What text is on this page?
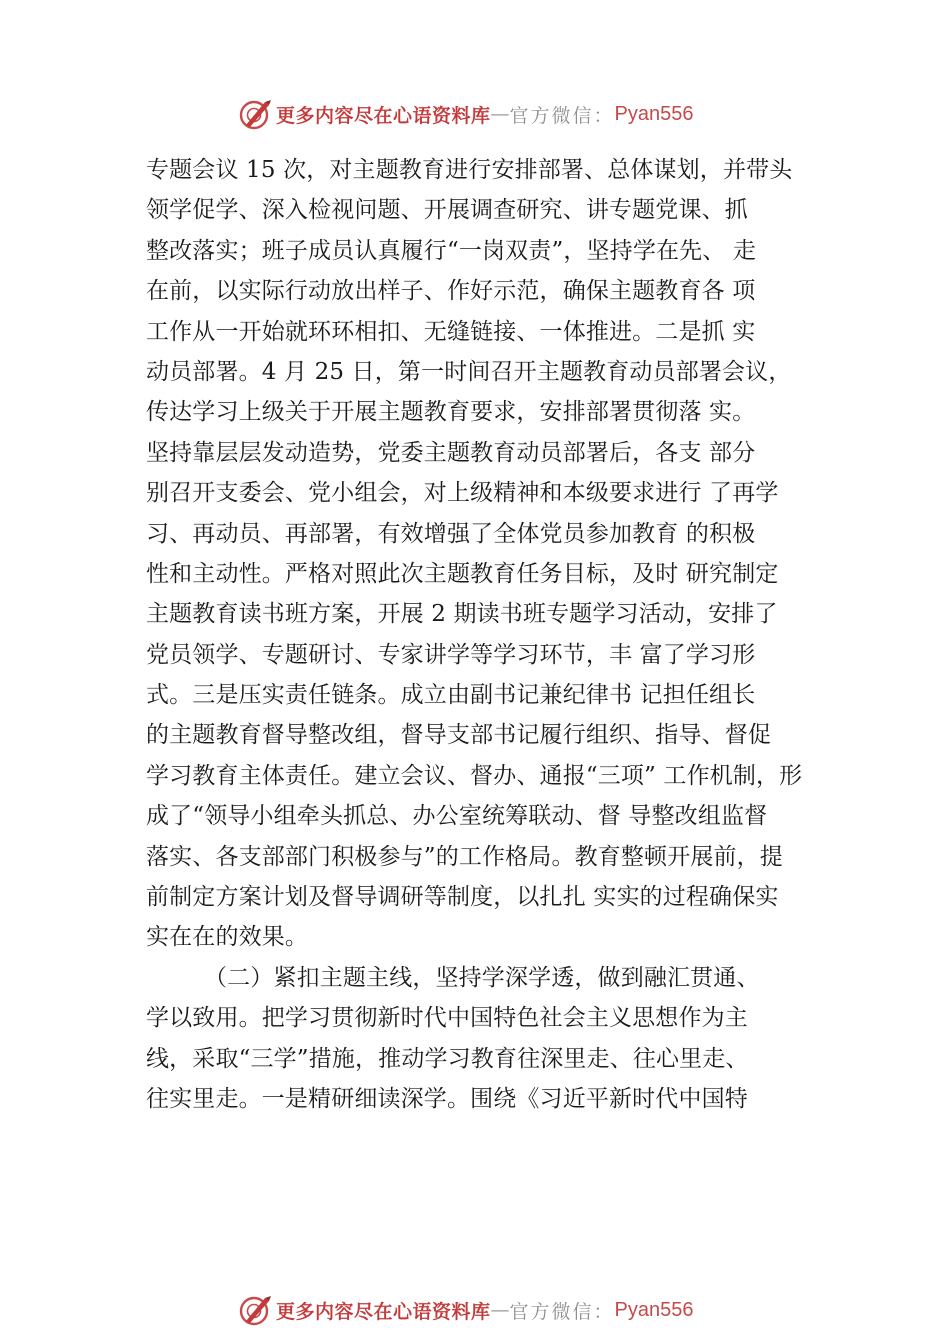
更多内容尽在心语资料库 — 官方微信 ： Pyan556
专题会议 15 次，对主题教育进行安排部署、总体谋划，并带头
领学促学、深入检视问题、开展调查研究、讲专题党课、抓
整改落实；班子成员认真履行“一岗双责”，坚持学在先、 走
在前，以实际行动放出样子、作好示范，确保主题教育各 项
工作从一开始就环环相扣、无缝链接、一体推进。二是抓 实
动员部署。4 月 25 日，第一时间召开主题教育动员部署会议，
传达学习上级关于开展主题教育要求，安排部署贯彻落 实。
坚持靠层层发动造势，党委主题教育动员部署后，各支 部分
别召开支委会、党小组会，对上级精神和本级要求进行 了再学
习、再动员、再部署，有效增强了全体党员参加教育 的积极
性和主动性。严格对照此次主题教育任务目标，及时 研究制定
主题教育读书班方案，开展 2 期读书班专题学习活动，安排了
党员领学、专题研讨、专家讲学等学习环节，丰 富了学习形
式。三是压实责任链条。成立由副书记兼纪律书 记担任组长
的主题教育督导整改组，督导支部书记履行组织、指导、督促
学习教育主体责任。建立会议、督办、通报“三项” 工作机制，形
成了“领导小组牵头抓总、办公室统筹联动、督 导整改组监督
落实、各支部部门积极参与”的工作格局。教育整顿开展前，提
前制定方案计划及督导调研等制度，以扎扎 实实的过程确保实
实在在的效果。
（二）紧扣主题主线，坚持学深学透，做到融汇贯通、
学以致用。把学习贯彻新时代中国特色社会主义思想作为主
线，采取“三学”措施，推动学习教育往深里走、往心里走、
往实里走。一是精研细读深学。围绕《习近平新时代中国特
更多内容尽在心语资料库 — 官方微信 ： Pyan556
